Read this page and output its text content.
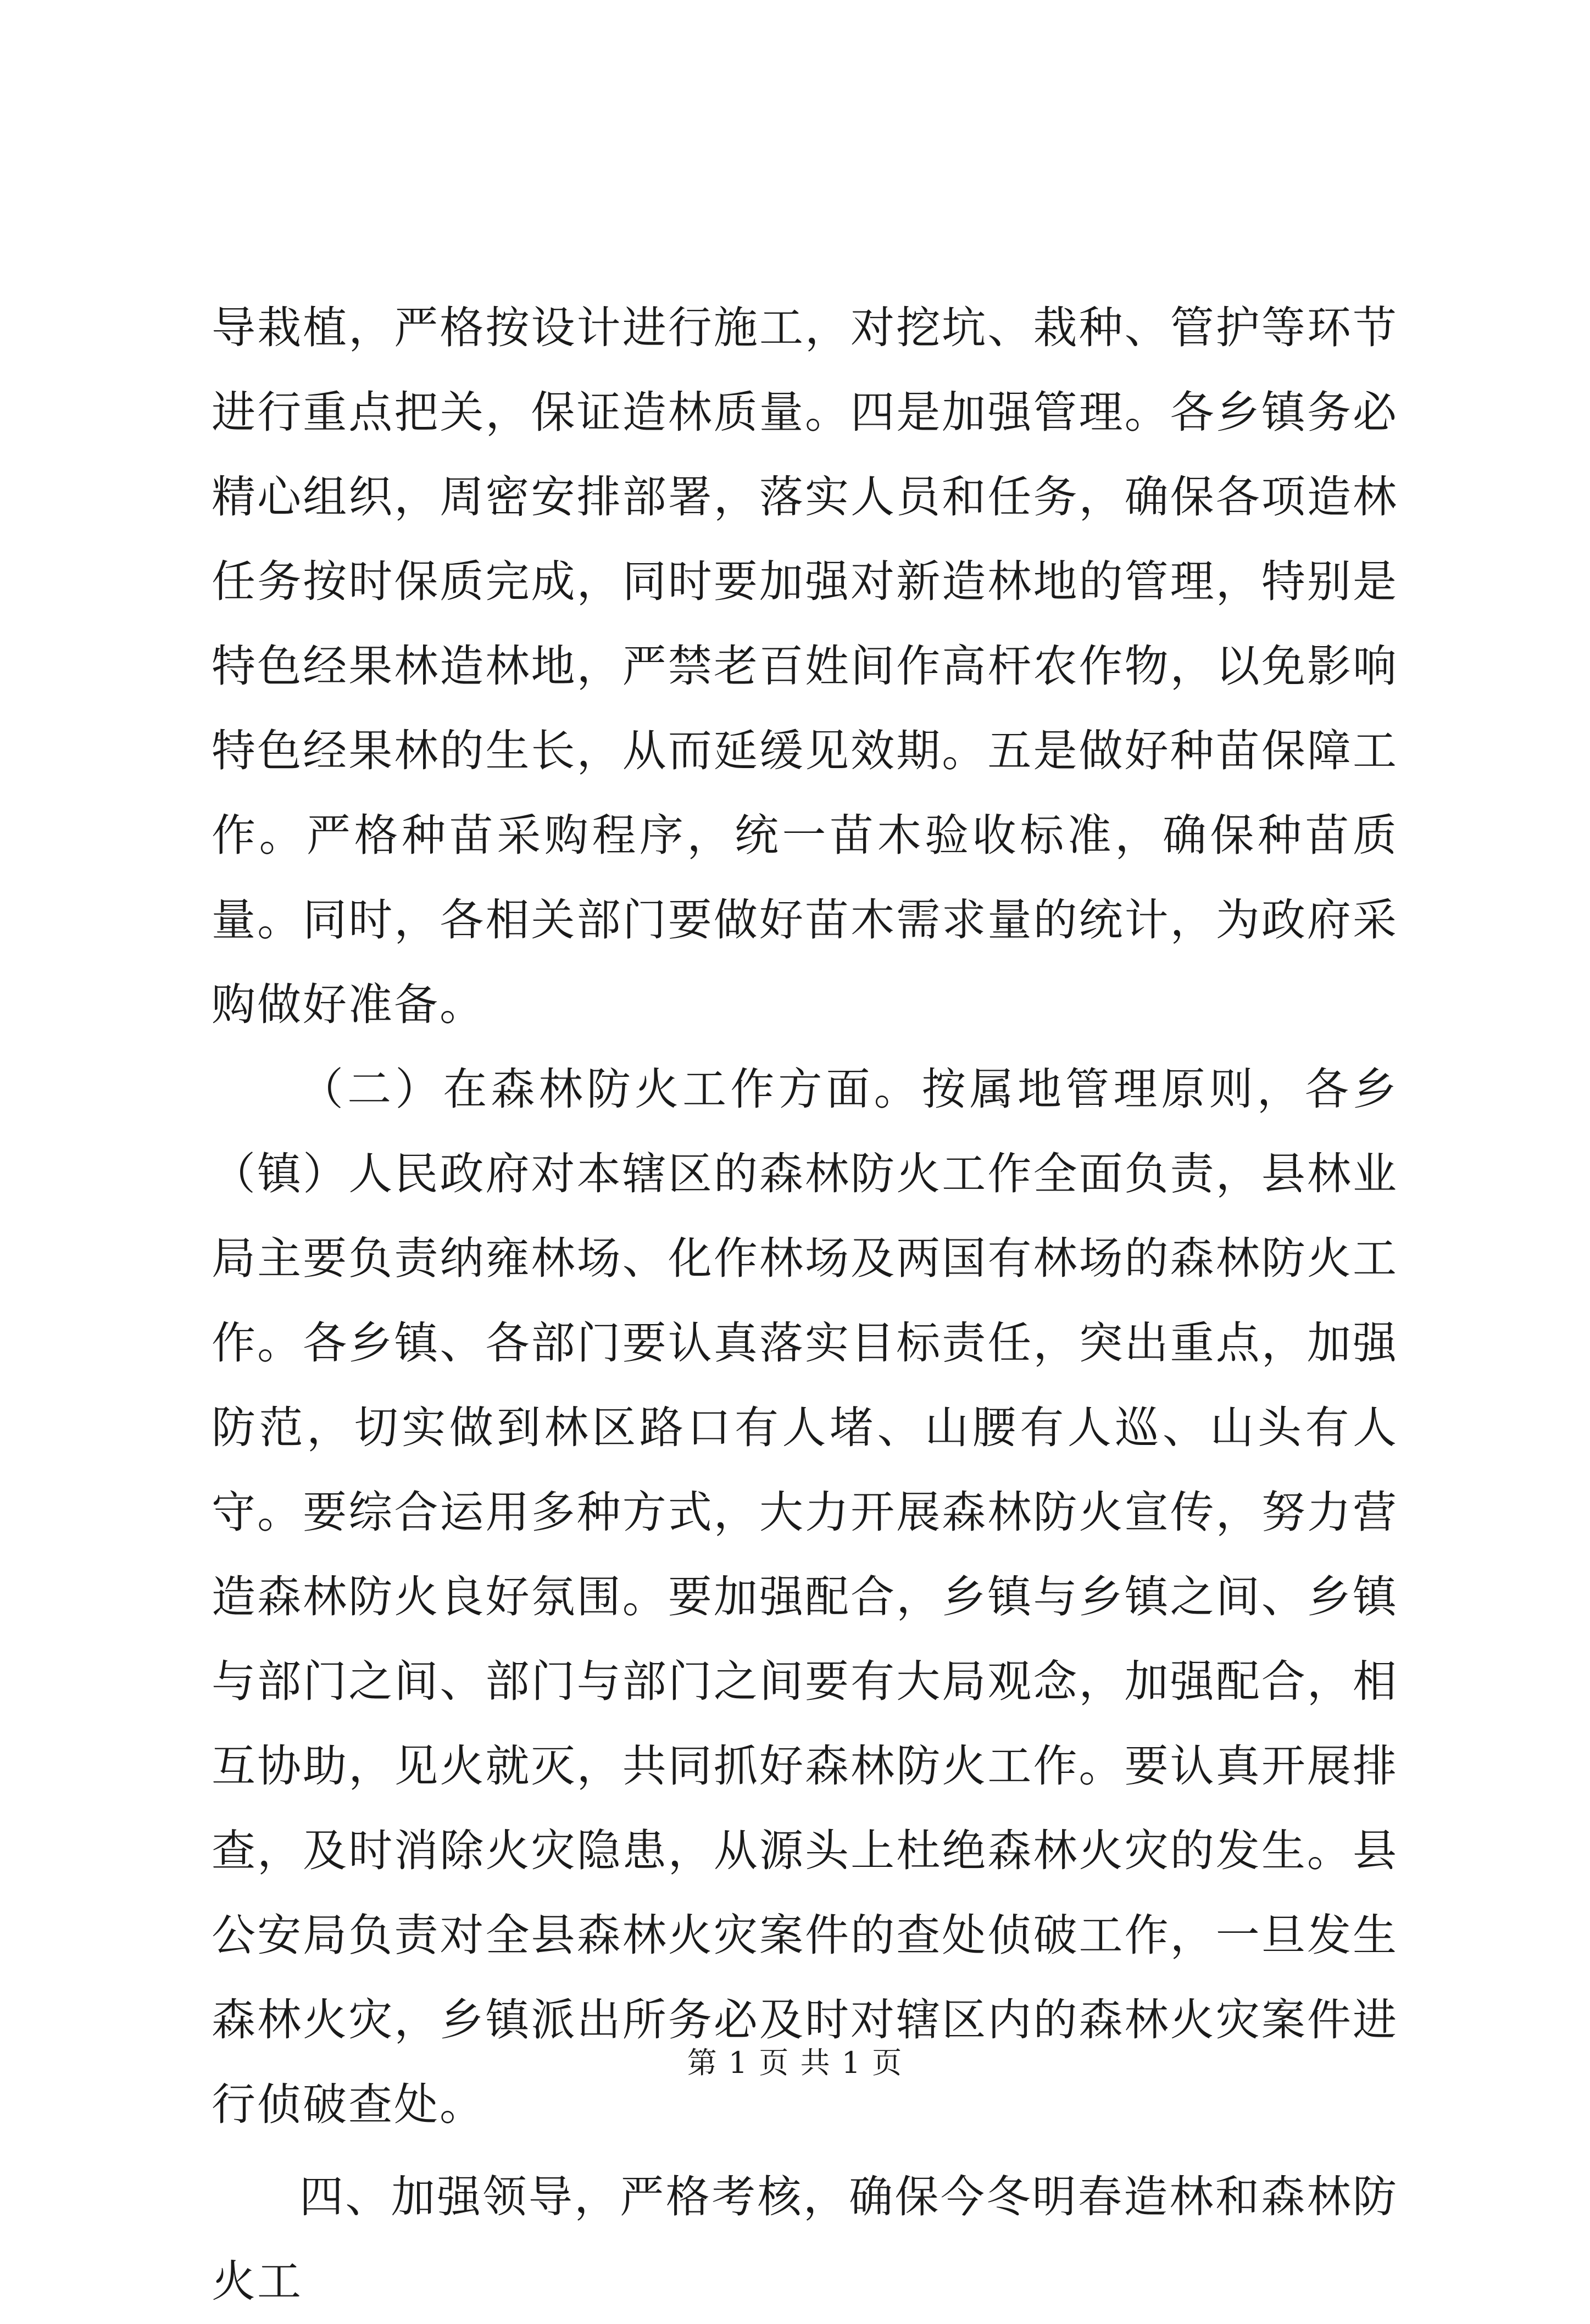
导栽植，严格按设计进行施工，对挖坑、栽种、管护等环节进行重点把关，保证造林质量。四是加强管理。各乡镇务必精心组织，周密安排部署，落实人员和任务，确保各项造林任务按时保质完成，同时要加强对新造林地的管理，特别是特色经果林造林地，严禁老百姓间作高杆农作物，以免影响特色经果林的生长，从而延缓见效期。五是做好种苗保障工作。严格种苗采购程序，统一苗木验收标准，确保种苗质量。同时，各相关部门要做好苗木需求量的统计，为政府采购做好准备。

（二）在森林防火工作方面。按属地管理原则，各乡（镇）人民政府对本辖区的森林防火工作全面负责，县林业局主要负责纳雍林场、化作林场及两国有林场的森林防火工作。各乡镇、各部门要认真落实目标责任，突出重点，加强防范，切实做到林区路口有人堵、山腰有人巡、山头有人守。要综合运用多种方式，大力开展森林防火宣传，努力营造森林防火良好氛围。要加强配合，乡镇与乡镇之间、乡镇与部门之间、部门与部门之间要有大局观念，加强配合，相互协助，见火就灭，共同抓好森林防火工作。要认真开展排查，及时消除火灾隐患，从源头上杜绝森林火灾的发生。县公安局负责对全县森林火灾案件的查处侦破工作，一旦发生森林火灾，乡镇派出所务必及时对辖区内的森林火灾案件进行侦破查处。

四、加强领导，严格考核，确保今冬明春造林和森林防火工

第 1 页 共 1 页
